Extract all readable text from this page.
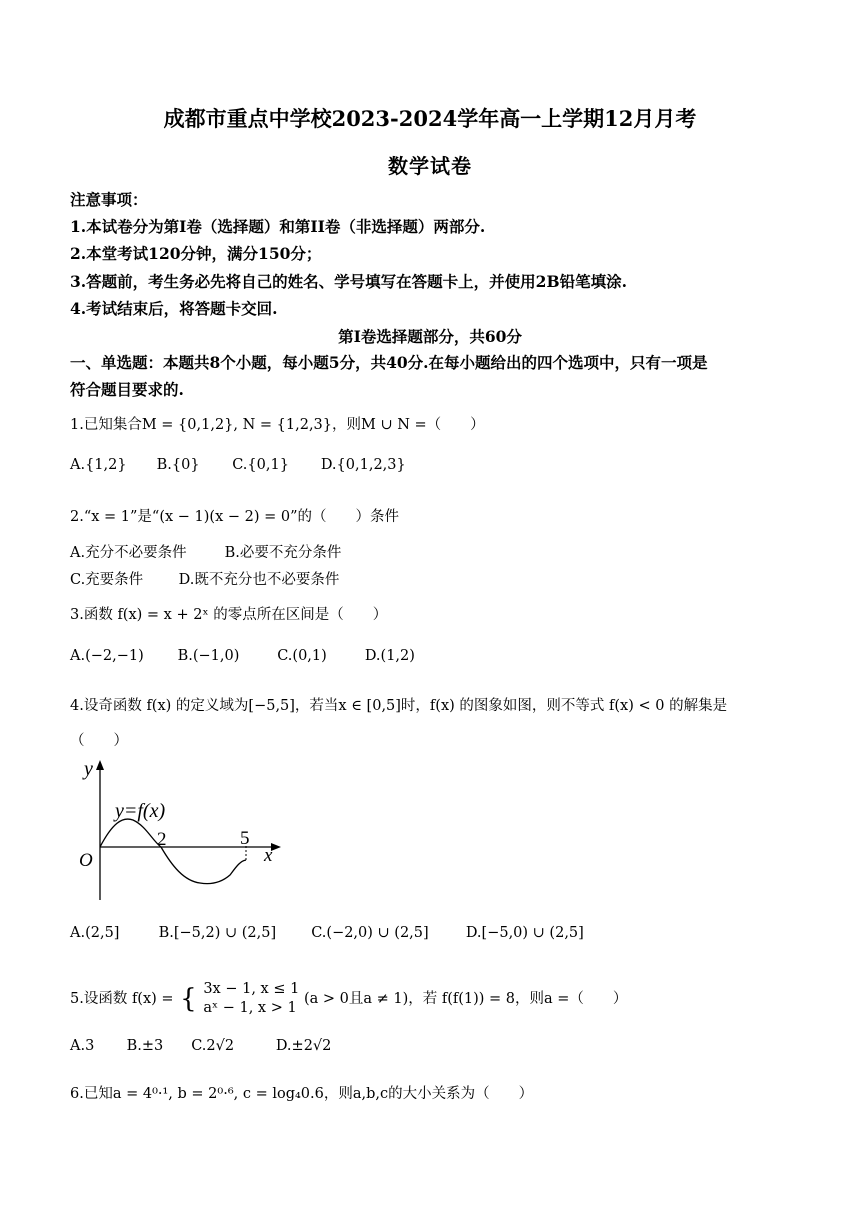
成都市重点中学校2023-2024学年高一上学期12月月考
数学试卷
注意事项：
1.本试卷分为第I卷（选择题）和第II卷（非选择题）两部分.
2.本堂考试120分钟，满分150分；
3.答题前，考生务必先将自己的姓名、学号填写在答题卡上，并使用2B铅笔填涂.
4.考试结束后，将答题卡交回.
第I卷选择题部分，共60分
一、单选题：本题共8个小题，每小题5分，共40分.在每小题给出的四个选项中，只有一项是
符合题目要求的.
1.已知集合M = {0,1,2}, N = {1,2,3}，则M ∪ N =（　　）
A.{1,2} B.{0} C.{0,1} D.{0,1,2,3}
2.“x = 1”是“(x − 1)(x − 2) = 0”的（　　）条件
A.充分不必要条件	B.必要不充分条件
C.充要条件 D.既不充分也不必要条件
3.函数 f(x) = x + 2ˣ 的零点所在区间是（　　）
A.(−2,−1) B.(−1,0)	C.(0,1)	D.(1,2)
4.设奇函数 f(x) 的定义域为[−5,5]，若当x ∈ [0,5]时，f(x) 的图象如图，则不等式 f(x) < 0 的解集是
（　　）
y=f(x)
2	5
x
y
O
A.(2,5]	B.[−5,2) ∪ (2,5] C.(−2,0) ∪ (2,5]	D.[−5,0) ∪ (2,5]
5.设函数 f(x) = { 3x − 1, x ≤ 1
aˣ − 1, x > 1
(a > 0且a ≠ 1)，若 f(f(1)) = 8，则a =（　　）
A.3 B.±3 C.2√2	D.±2√2
6.已知a = 4⁰·¹, b = 2⁰·⁶, c = log₄0.6，则a,b,c的大小关系为（　　）
